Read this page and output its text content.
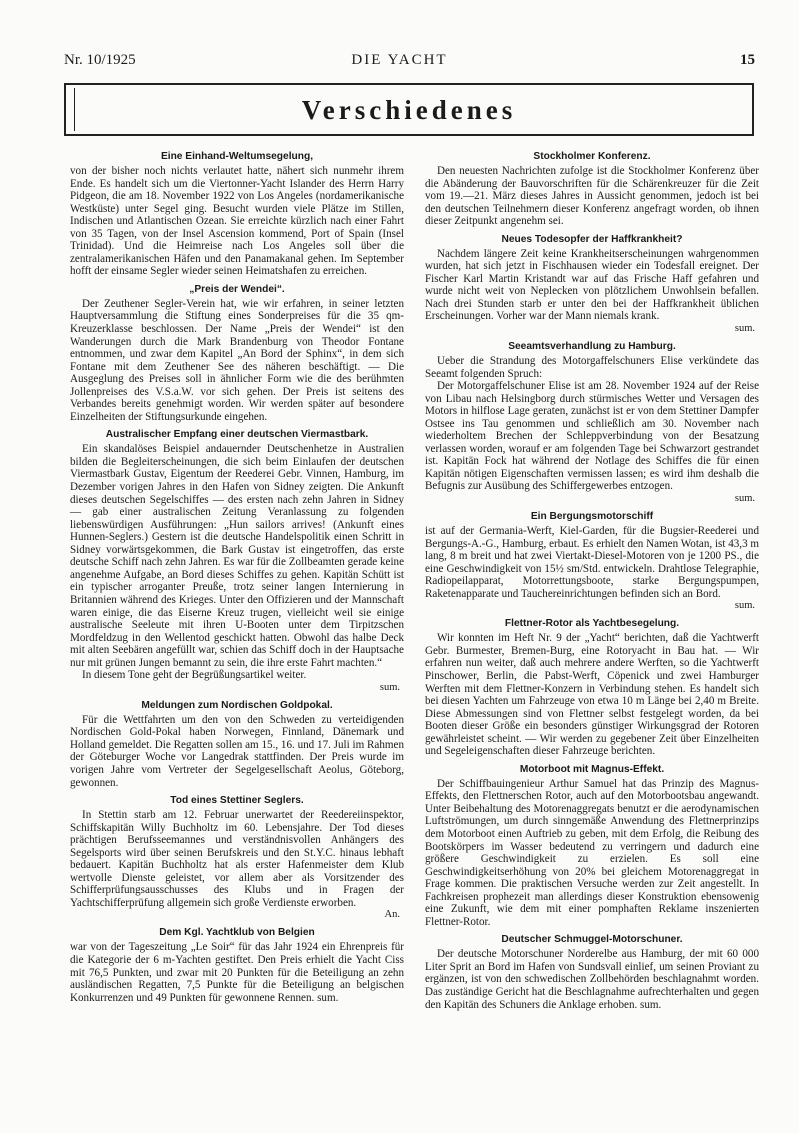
Nr. 10/1925	DIE YACHT	15
Verschiedenes
Eine Einhand-Weltumsegelung,

von der bisher noch nichts verlautet hatte, nähert sich nunmehr ihrem Ende. Es handelt sich um die Viertonner-Yacht Islander des Herrn Harry Pidgeon, die am 18. November 1922 von Los Angeles (nordamerikanische Westküste) unter Segel ging. Besucht wurden viele Plätze im Stillen, Indischen und Atlantischen Ozean. Sie erreichte kürzlich nach einer Fahrt von 35 Tagen, von der Insel Ascension kommend, Port of Spain (Insel Trinidad). Und die Heimreise nach Los Angeles soll über die zentralamerikanischen Häfen und den Panamakanal gehen. Im September hofft der einsame Segler wieder seinen Heimatshafen zu erreichen.

„Preis der Wendei“.

Der Zeuthener Segler-Verein hat, wie wir erfahren, in seiner letzten Hauptversammlung die Stiftung eines Sonderpreises für die 35 qm-Kreuzerklasse beschlossen. Der Name „Preis der Wendei“ ist den Wanderungen durch die Mark Brandenburg von Theodor Fontane entnommen, und zwar dem Kapitel „An Bord der Sphinx“, in dem sich Fontane mit dem Zeuthener See des näheren beschäftigt. — Die Ausgeglung des Preises soll in ähnlicher Form wie die des berühmten Jollenpreises des V.S.a.W. vor sich gehen. Der Preis ist seitens des Verbandes bereits genehmigt worden. Wir werden später auf besondere Einzelheiten der Stiftungsurkunde eingehen.

Australischer Empfang einer deutschen Viermastbark.

Ein skandalöses Beispiel andauernder Deutschenhetze in Australien bilden die Begleiterscheinungen, die sich beim Einlaufen der deutschen Viermastbark Gustav, Eigentum der Reederei Gebr. Vinnen, Hamburg, im Dezember vorigen Jahres in den Hafen von Sidney zeigten. Die Ankunft dieses deutschen Segelschiffes — des ersten nach zehn Jahren in Sidney — gab einer australischen Zeitung Veranlassung zu folgenden liebenswürdigen Ausführungen: „Hun sailors arrives! (Ankunft eines Hunnen-Seglers.) Gestern ist die deutsche Handelspolitik einen Schritt in Sidney vorwärtsgekommen, die Bark Gustav ist eingetroffen, das erste deutsche Schiff nach zehn Jahren. Es war für die Zollbeamten gerade keine angenehme Aufgabe, an Bord dieses Schiffes zu gehen. Kapitän Schütt ist ein typischer arroganter Preuße, trotz seiner langen Internierung in Britannien während des Krieges. Unter den Offizieren und der Mannschaft waren einige, die das Eiserne Kreuz trugen, vielleicht weil sie einige australische Seeleute mit ihren U-Booten unter dem Tirpitzschen Mordfeldzug in den Wellentod geschickt hatten. Obwohl das halbe Deck mit alten Seebären angefüllt war, schien das Schiff doch in der Hauptsache nur mit grünen Jungen bemannt zu sein, die ihre erste Fahrt machten.“

In diesem Tone geht der Begrüßungsartikel weiter.

sum.
Meldungen zum Nordischen Goldpokal.

Für die Wettfahrten um den von den Schweden zu verteidigenden Nordischen Gold-Pokal haben Norwegen, Finnland, Dänemark und Holland gemeldet. Die Regatten sollen am 15., 16. und 17. Juli im Rahmen der Göteburger Woche vor Langedrak stattfinden. Der Preis wurde im vorigen Jahre vom Vertreter der Segelgesellschaft Aeolus, Göteborg, gewonnen.

Tod eines Stettiner Seglers.

In Stettin starb am 12. Februar unerwartet der Reedereiinspektor, Schiffskapitän Willy Buchholtz im 60. Lebensjahre. Der Tod dieses prächtigen Berufsseemannes und verständnisvollen Anhängers des Segelsports wird über seinen Berufskreis und den St.Y.C. hinaus lebhaft bedauert. Kapitän Buchholtz hat als erster Hafenmeister dem Klub wertvolle Dienste geleistet, vor allem aber als Vorsitzender des Schifferprüfungsausschusses des Klubs und in Fragen der Yachtschifferprüfung allgemein sich große Verdienste erworben.

An.
Dem Kgl. Yachtklub von Belgien

war von der Tageszeitung „Le Soir“ für das Jahr 1924 ein Ehrenpreis für die Kategorie der 6 m-Yachten gestiftet. Den Preis erhielt die Yacht Ciss mit 76,5 Punkten, und zwar mit 20 Punkten für die Beteiligung an zehn ausländischen Regatten, 7,5 Punkte für die Beteiligung an belgischen Konkurrenzen und 49 Punkten für gewonnene Rennen. sum.

Stockholmer Konferenz.

Den neuesten Nachrichten zufolge ist die Stockholmer Konferenz über die Abänderung der Bauvorschriften für die Schärenkreuzer für die Zeit vom 19.—21. März dieses Jahres in Aussicht genommen, jedoch ist bei den deutschen Teilnehmern dieser Konferenz angefragt worden, ob ihnen dieser Zeitpunkt angenehm sei.

Neues Todesopfer der Haffkrankheit?

Nachdem längere Zeit keine Krankheitserscheinungen wahrgenommen wurden, hat sich jetzt in Fischhausen wieder ein Todesfall ereignet. Der Fischer Karl Martin Kristandt war auf das Frische Haff gefahren und wurde nicht weit von Neplecken von plötzlichem Unwohlsein befallen. Nach drei Stunden starb er unter den bei der Haffkrankheit üblichen Erscheinungen. Vorher war der Mann niemals krank.

sum.
Seeamtsverhandlung zu Hamburg.

Ueber die Strandung des Motorgaffelschuners Elise verkündete das Seeamt folgenden Spruch:

Der Motorgaffelschuner Elise ist am 28. November 1924 auf der Reise von Libau nach Helsingborg durch stürmisches Wetter und Versagen des Motors in hilflose Lage geraten, zunächst ist er von dem Stettiner Dampfer Ostsee ins Tau genommen und schließlich am 30. November nach wiederholtem Brechen der Schleppverbindung von der Besatzung verlassen worden, worauf er am folgenden Tage bei Schwarzort gestrandet ist. Kapitän Fock hat während der Notlage des Schiffes die für einen Kapitän nötigen Eigenschaften vermissen lassen; es wird ihm deshalb die Befugnis zur Ausübung des Schiffergewerbes entzogen.

sum.
Ein Bergungsmotorschiff

ist auf der Germania-Werft, Kiel-Garden, für die Bugsier-Reederei und Bergungs-A.-G., Hamburg, erbaut. Es erhielt den Namen Wotan, ist 43,3 m lang, 8 m breit und hat zwei Viertakt-Diesel-Motoren von je 1200 PS., die eine Geschwindigkeit von 15½ sm/Std. entwickeln. Drahtlose Telegraphie, Radiopeilapparat, Motorrettungsboote, starke Bergungspumpen, Raketenapparate und Tauchereinrichtungen befinden sich an Bord.

sum.
Flettner-Rotor als Yachtbesegelung.

Wir konnten im Heft Nr. 9 der „Yacht“ berichten, daß die Yachtwerft Gebr. Burmester, Bremen-Burg, eine Rotoryacht in Bau hat. — Wir erfahren nun weiter, daß auch mehrere andere Werften, so die Yachtwerft Pinschower, Berlin, die Pabst-Werft, Cöpenick und zwei Hamburger Werften mit dem Flettner-Konzern in Verbindung stehen. Es handelt sich bei diesen Yachten um Fahrzeuge von etwa 10 m Länge bei 2,40 m Breite. Diese Abmessungen sind von Flettner selbst festgelegt worden, da bei Booten dieser Größe ein besonders günstiger Wirkungsgrad der Rotoren gewährleistet scheint. — Wir werden zu gegebener Zeit über Einzelheiten und Segeleigenschaften dieser Fahrzeuge berichten.

Motorboot mit Magnus-Effekt.

Der Schiffbauingenieur Arthur Samuel hat das Prinzip des Magnus-Effekts, den Flettnerschen Rotor, auch auf den Motorbootsbau angewandt. Unter Beibehaltung des Motorenaggregats benutzt er die aerodynamischen Luftströmungen, um durch sinngemäße Anwendung des Flettnerprinzips dem Motorboot einen Auftrieb zu geben, mit dem Erfolg, die Reibung des Bootskörpers im Wasser bedeutend zu verringern und dadurch eine größere Geschwindigkeit zu erzielen. Es soll eine Geschwindigkeitserhöhung von 20% bei gleichem Motorenaggregat in Frage kommen. Die praktischen Versuche werden zur Zeit angestellt. In Fachkreisen prophezeit man allerdings dieser Konstruktion ebensowenig eine Zukunft, wie dem mit einer pomphaften Reklame inszenierten Flettner-Rotor.

Deutscher Schmuggel-Motorschuner.

Der deutsche Motorschuner Norderelbe aus Hamburg, der mit 60 000 Liter Sprit an Bord im Hafen von Sundsvall einlief, um seinen Proviant zu ergänzen, ist von den schwedischen Zollbehörden beschlagnahmt worden. Das zuständige Gericht hat die Beschlagnahme aufrechterhalten und gegen den Kapitän des Schuners die Anklage erhoben. sum.
